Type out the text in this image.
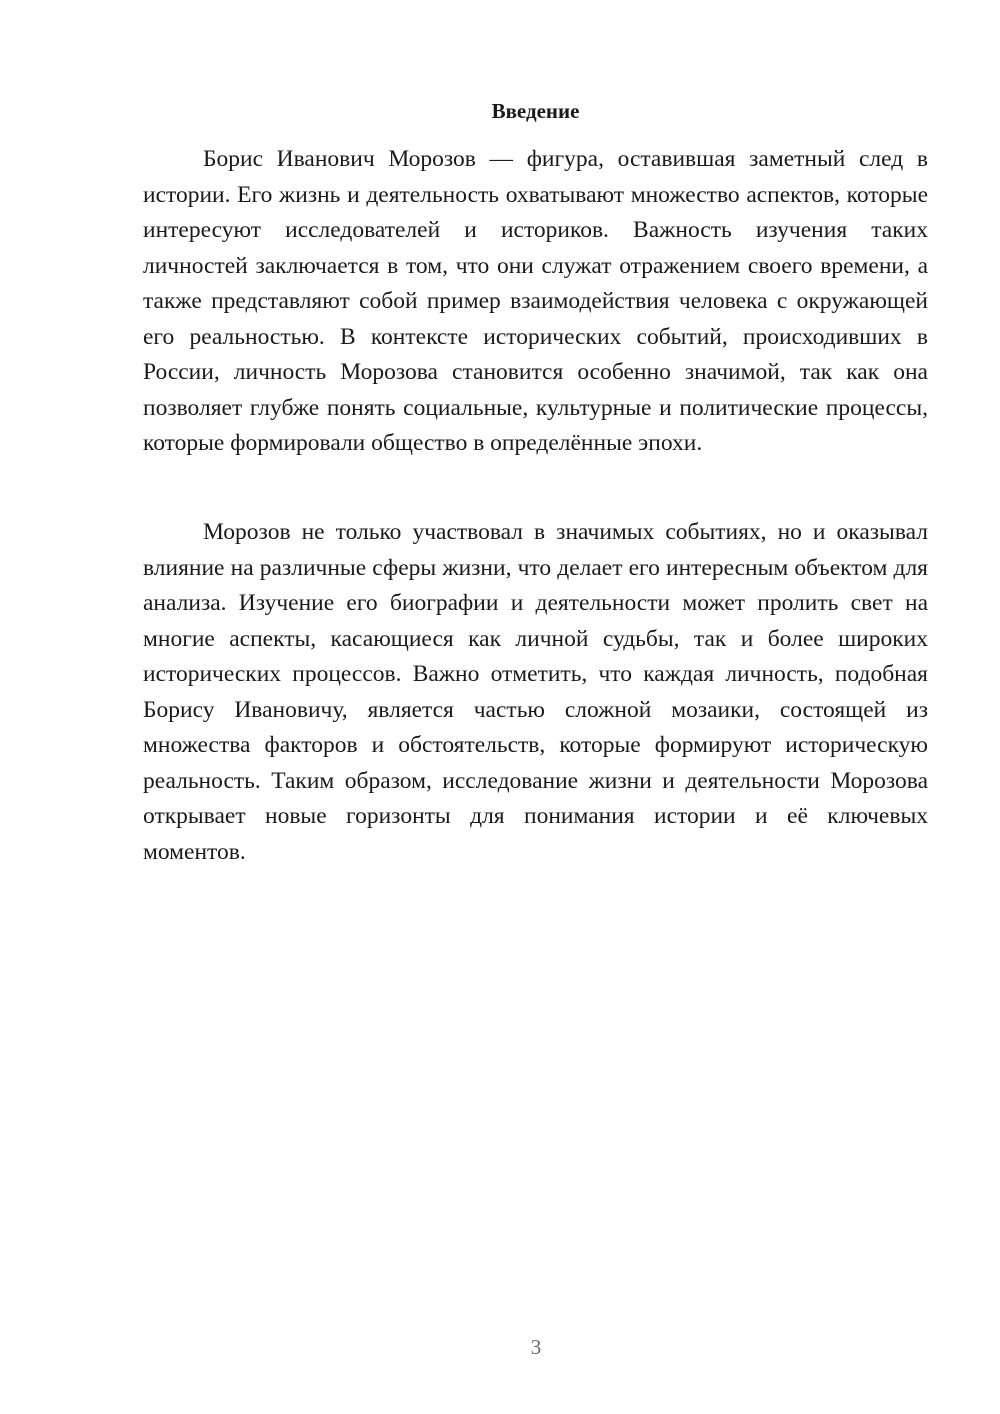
Введение

Борис Иванович Морозов — фигура, оставившая заметный след в истории. Его жизнь и деятельность охватывают множество аспектов, которые интересуют исследователей и историков. Важность изучения таких личностей заключается в том, что они служат отражением своего времени, а также представляют собой пример взаимодействия человека с окружающей его реальностью. В контексте исторических событий, происходивших в России, личность Морозова становится особенно значимой, так как она позволяет глубже понять социальные, культурные и политические процессы, которые формировали общество в определённые эпохи.

Морозов не только участвовал в значимых событиях, но и оказывал влияние на различные сферы жизни, что делает его интересным объектом для анализа. Изучение его биографии и деятельности может пролить свет на многие аспекты, касающиеся как личной судьбы, так и более широких исторических процессов. Важно отметить, что каждая личность, подобная Борису Ивановичу, является частью сложной мозаики, состоящей из множества факторов и обстоятельств, которые формируют историческую реальность. Таким образом, исследование жизни и деятельности Морозова открывает новые горизонты для понимания истории и её ключевых моментов.

3
